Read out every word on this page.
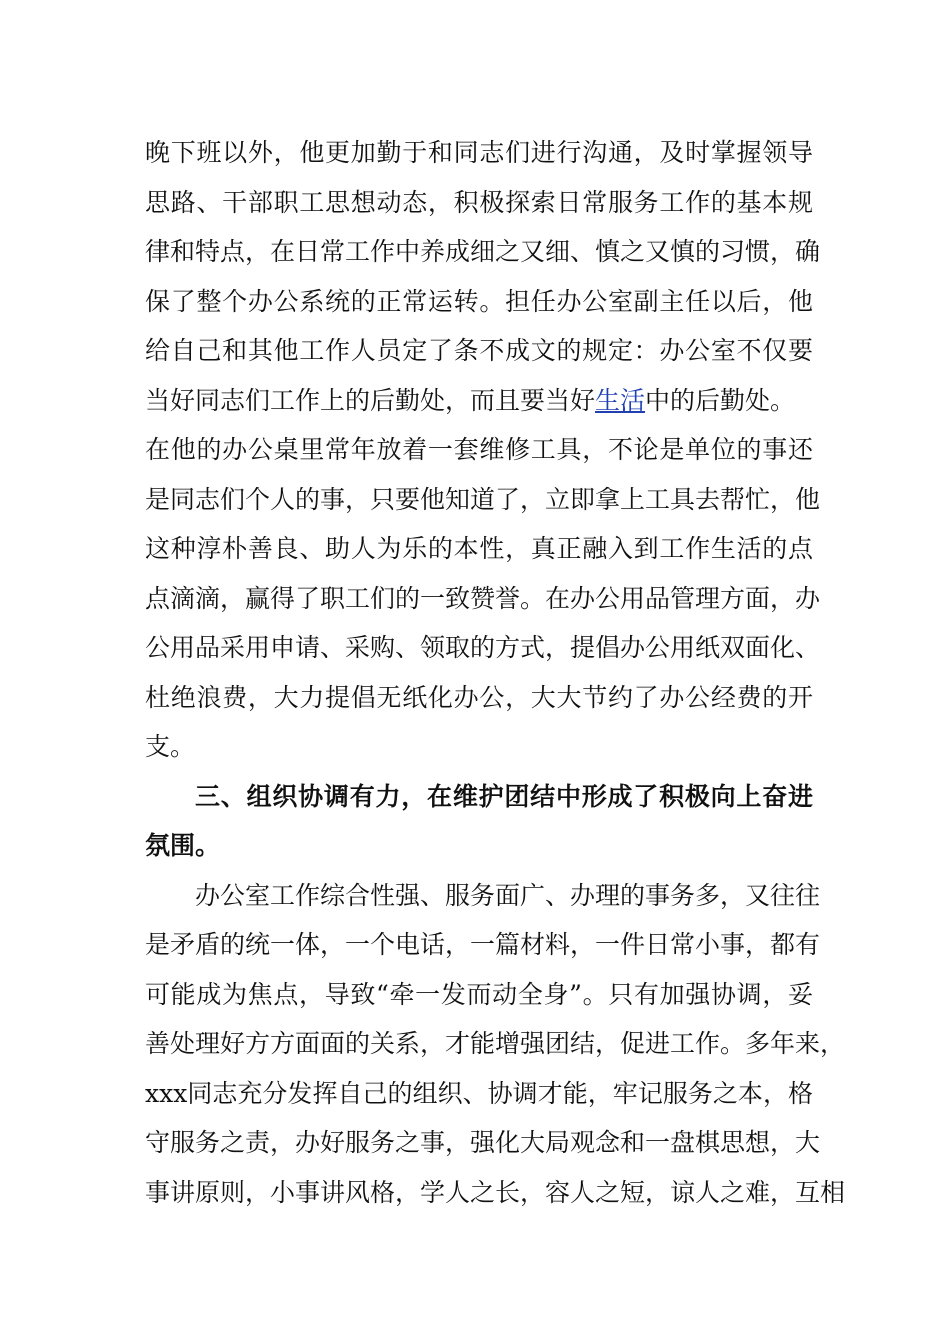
晚下班以外，他更加勤于和同志们进行沟通，及时掌握领导
思路、干部职工思想动态，积极探索日常服务工作的基本规
律和特点，在日常工作中养成细之又细、慎之又慎的习惯，确
保了整个办公系统的正常运转。担任办公室副主任以后，他
给自己和其他工作人员定了条不成文的规定：办公室不仅要
当好同志们工作上的后勤处，而且要当好生活中的后勤处。
在他的办公桌里常年放着一套维修工具，不论是单位的事还
是同志们个人的事，只要他知道了，立即拿上工具去帮忙，他
这种淳朴善良、助人为乐的本性，真正融入到工作生活的点
点滴滴，赢得了职工们的一致赞誉。在办公用品管理方面，办
公用品采用申请、采购、领取的方式，提倡办公用纸双面化、
杜绝浪费，大力提倡无纸化办公，大大节约了办公经费的开
支。
三、组织协调有力，在维护团结中形成了积极向上奋进
氛围。
办公室工作综合性强、服务面广、办理的事务多，又往往
是矛盾的统一体，一个电话，一篇材料，一件日常小事，都有
可能成为焦点，导致“牵一发而动全身”。只有加强协调，妥
善处理好方方面面的关系，才能增强团结，促进工作。多年来，
xxx同志充分发挥自己的组织、协调才能，牢记服务之本，格
守服务之责，办好服务之事，强化大局观念和一盘棋思想，大
事讲原则，小事讲风格，学人之长，容人之短，谅人之难，互相
